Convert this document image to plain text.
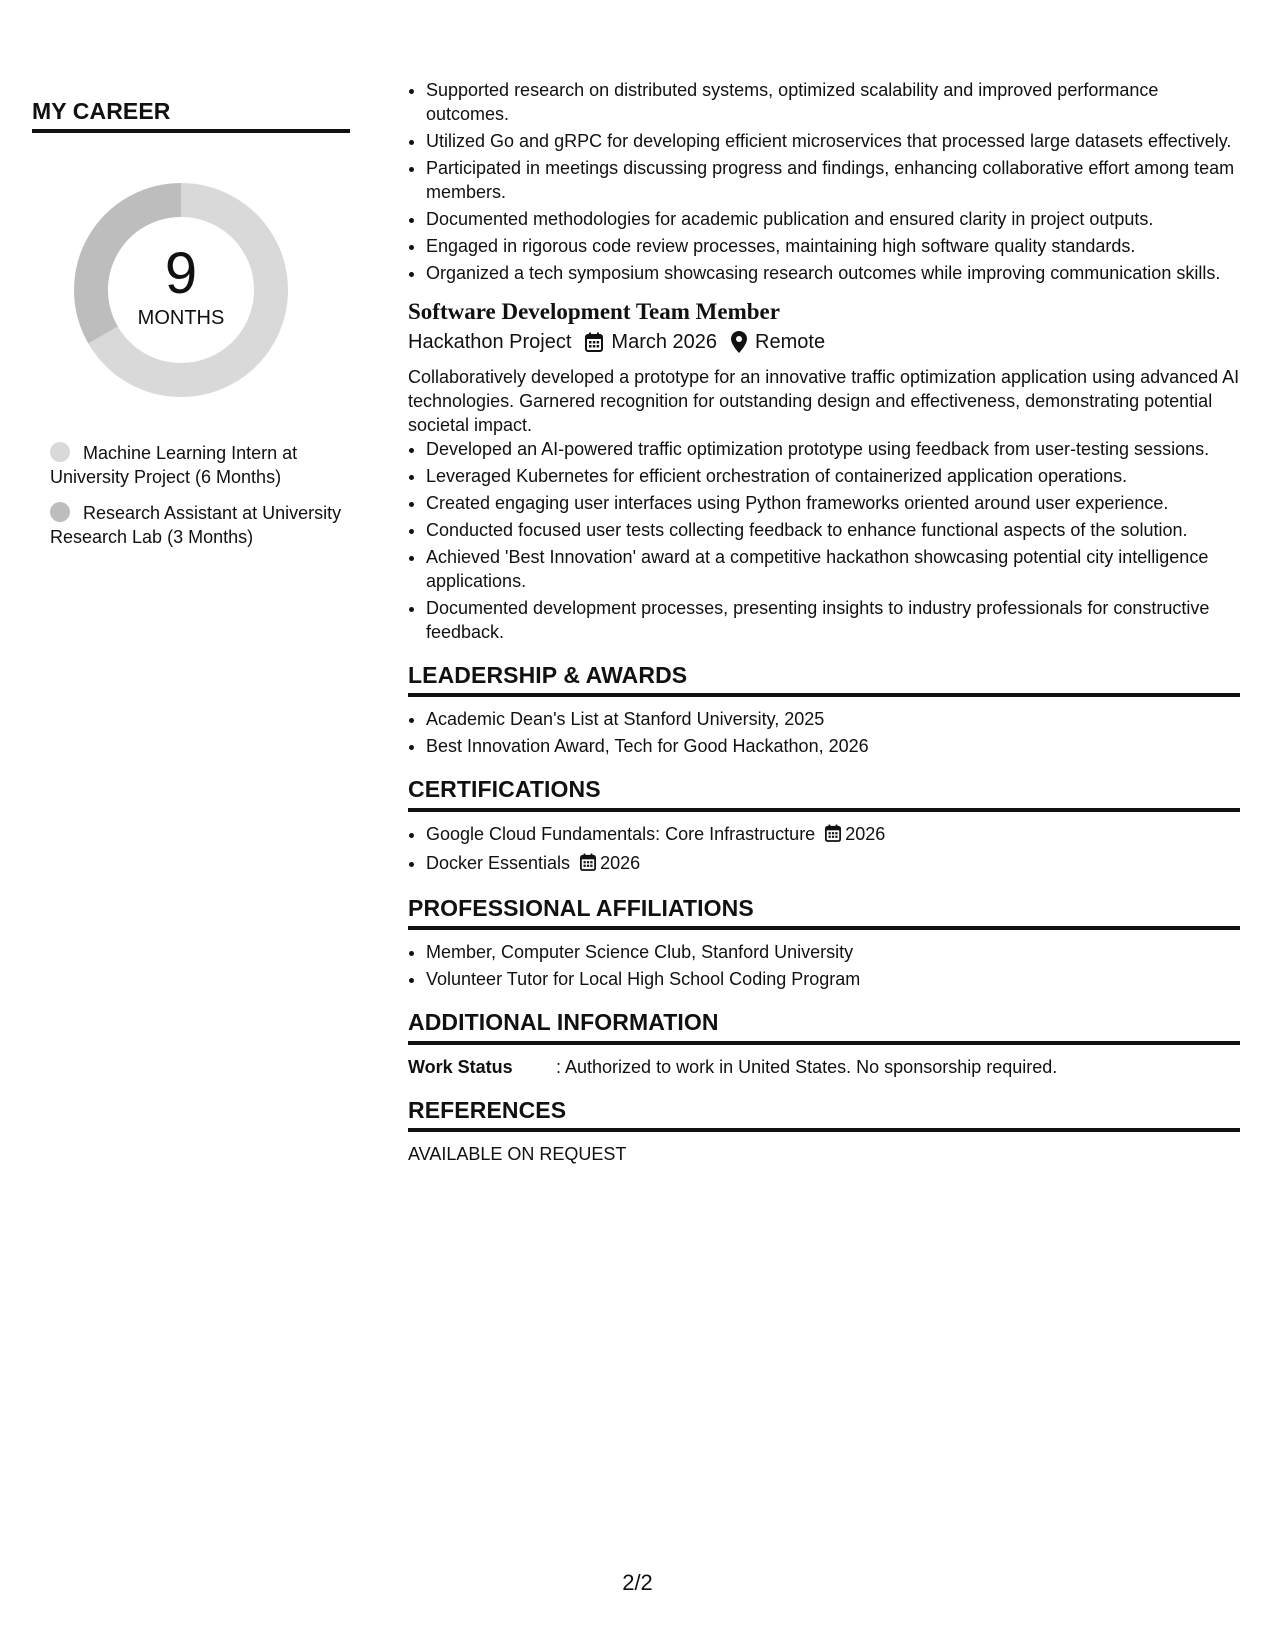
MY CAREER
9
MONTHS
Machine Learning Intern at University Project (6 Months)
Research Assistant at University Research Lab (3 Months)
• Supported research on distributed systems, optimized scalability and improved performance outcomes.
• Utilized Go and gRPC for developing efficient microservices that processed large datasets effectively.
• Participated in meetings discussing progress and findings, enhancing collaborative effort among team members.
• Documented methodologies for academic publication and ensured clarity in project outputs.
• Engaged in rigorous code review processes, maintaining high software quality standards.
• Organized a tech symposium showcasing research outcomes while improving communication skills.
Software Development Team Member
Hackathon Project March 2026 Remote
Collaboratively developed a prototype for an innovative traffic optimization application using advanced AI technologies. Garnered recognition for outstanding design and effectiveness, demonstrating potential societal impact.
• Developed an AI-powered traffic optimization prototype using feedback from user-testing sessions.
• Leveraged Kubernetes for efficient orchestration of containerized application operations.
• Created engaging user interfaces using Python frameworks oriented around user experience.
• Conducted focused user tests collecting feedback to enhance functional aspects of the solution.
• Achieved 'Best Innovation' award at a competitive hackathon showcasing potential city intelligence applications.
• Documented development processes, presenting insights to industry professionals for constructive feedback.
LEADERSHIP & AWARDS
• Academic Dean's List at Stanford University, 2025
• Best Innovation Award, Tech for Good Hackathon, 2026
CERTIFICATIONS
• Google Cloud Fundamentals: Core Infrastructure 2026
• Docker Essentials 2026
PROFESSIONAL AFFILIATIONS
• Member, Computer Science Club, Stanford University
• Volunteer Tutor for Local High School Coding Program
ADDITIONAL INFORMATION
Work Status	: Authorized to work in United States. No sponsorship required.
REFERENCES
AVAILABLE ON REQUEST
2/2
